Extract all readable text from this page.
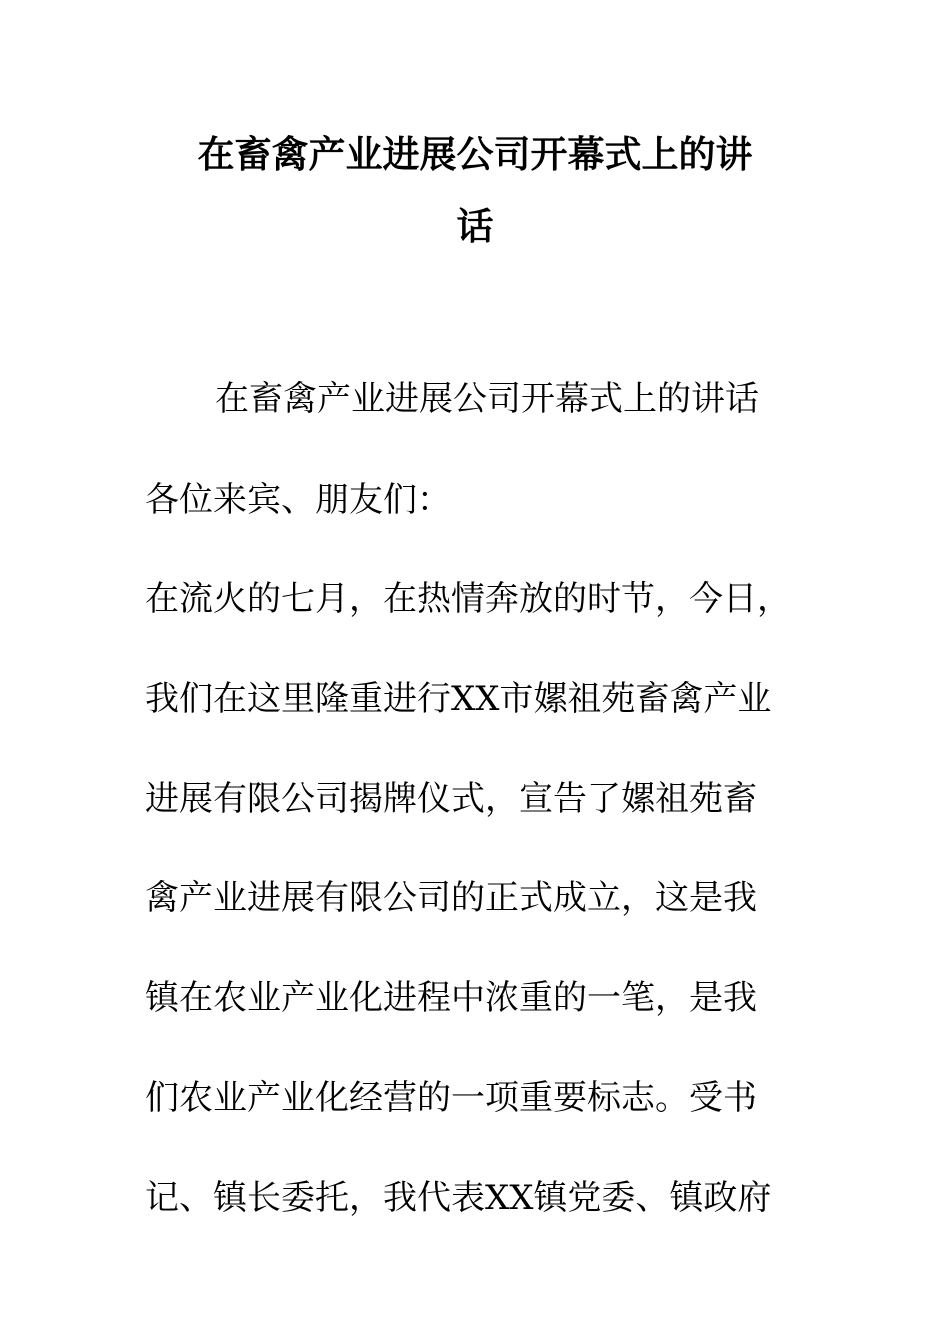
在畜禽产业进展公司开幕式上的讲
话
在畜禽产业进展公司开幕式上的讲话
各位来宾、朋友们：
在流火的七月，在热情奔放的时节，今日，
我们在这里隆重进行XX市嫘祖苑畜禽产业
进展有限公司揭牌仪式，宣告了嫘祖苑畜
禽产业进展有限公司的正式成立，这是我
镇在农业产业化进程中浓重的一笔，是我
们农业产业化经营的一项重要标志。受书
记、镇长委托，我代表XX镇党委、镇政府
